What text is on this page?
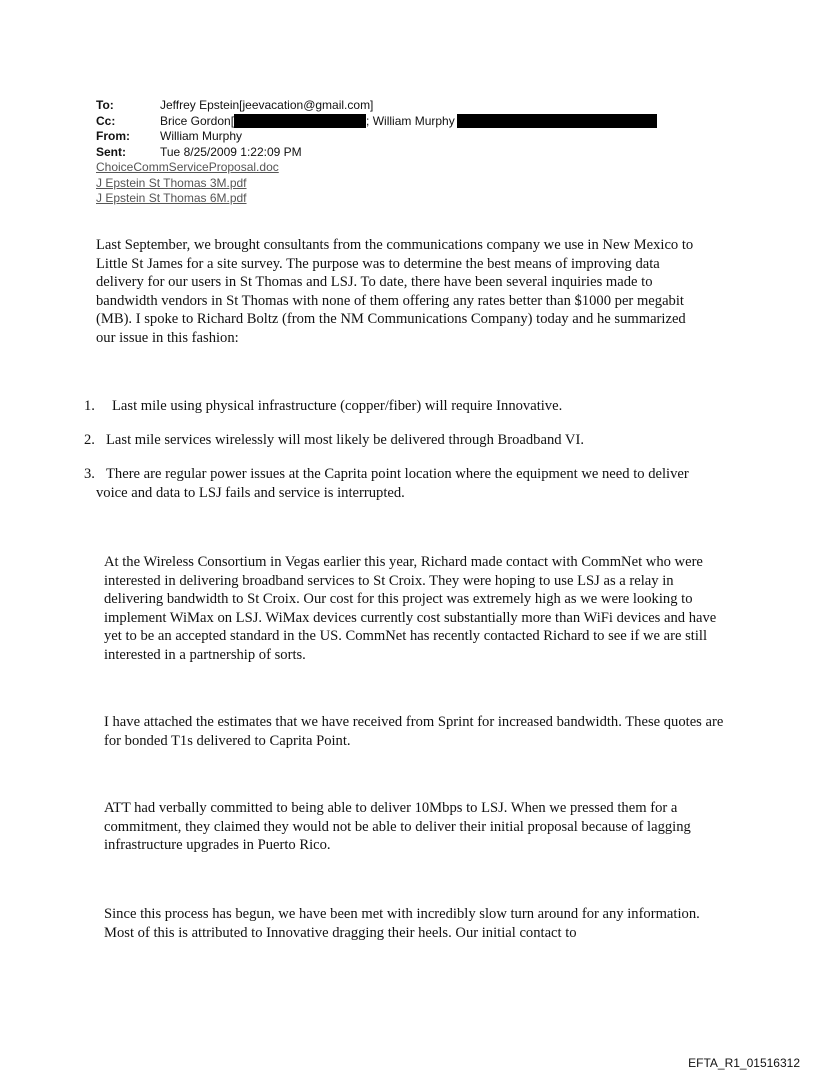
To:	Jeffrey Epstein[jeevacation@gmail.com]
Cc:	Brice Gordon[	; William Murphy
From:	William Murphy
Sent:	Tue 8/25/2009 1:22:09 PM
ChoiceCommServiceProposal.doc
J Epstein St Thomas 3M.pdf
J Epstein St Thomas 6M.pdf

Last September, we brought consultants from the communications company we use in New Mexico to Little St James for a site survey. The purpose was to determine the best means of improving data delivery for our users in St Thomas and LSJ. To date, there have been several inquiries made to bandwidth vendors in St Thomas with none of them offering any rates better than $1000 per megabit (MB). I spoke to Richard Boltz (from the NM Communications Company) today and he summarized our issue in this fashion:

1.	Last mile using physical infrastructure (copper/fiber) will require Innovative.
2. Last mile services wirelessly will most likely be delivered through Broadband VI.
3. There are regular power issues at the Caprita point location where the equipment we need to deliver voice and data to LSJ fails and service is interrupted.

At the Wireless Consortium in Vegas earlier this year, Richard made contact with CommNet who were interested in delivering broadband services to St Croix. They were hoping to use LSJ as a relay in delivering bandwidth to St Croix. Our cost for this project was extremely high as we were looking to implement WiMax on LSJ. WiMax devices currently cost substantially more than WiFi devices and have yet to be an accepted standard in the US. CommNet has recently contacted Richard to see if we are still interested in a partnership of sorts.

I have attached the estimates that we have received from Sprint for increased bandwidth. These quotes are for bonded T1s delivered to Caprita Point.

ATT had verbally committed to being able to deliver 10Mbps to LSJ. When we pressed them for a commitment, they claimed they would not be able to deliver their initial proposal because of lagging infrastructure upgrades in Puerto Rico.

Since this process has begun, we have been met with incredibly slow turn around for any information. Most of this is attributed to Innovative dragging their heels. Our initial contact to

EFTA_R1_01516312
